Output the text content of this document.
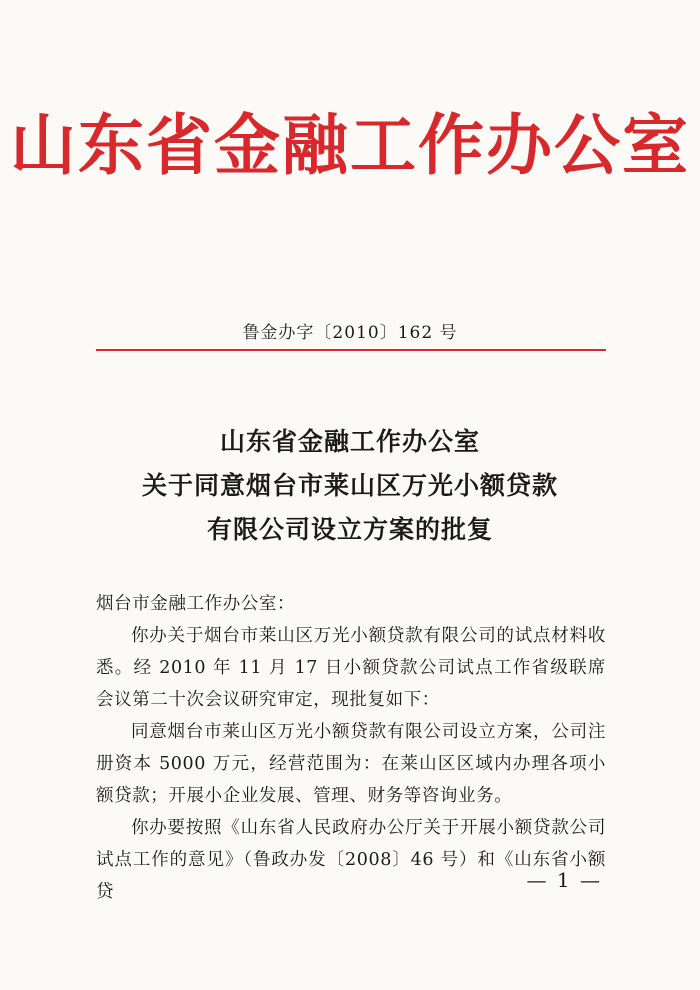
山东省金融工作办公室
鲁金办字〔2010〕162 号
山东省金融工作办公室
关于同意烟台市莱山区万光小额贷款
有限公司设立方案的批复

烟台市金融工作办公室：

你办关于烟台市莱山区万光小额贷款有限公司的试点材料收悉。经 2010 年 11 月 17 日小额贷款公司试点工作省级联席会议第二十次会议研究审定，现批复如下：

同意烟台市莱山区万光小额贷款有限公司设立方案，公司注册资本 5000 万元，经营范围为：在莱山区区域内办理各项小额贷款；开展小企业发展、管理、财务等咨询业务。

你办要按照《山东省人民政府办公厅关于开展小额贷款公司试点工作的意见》（鲁政办发〔2008〕46 号）和《山东省小额贷	— 1 —
